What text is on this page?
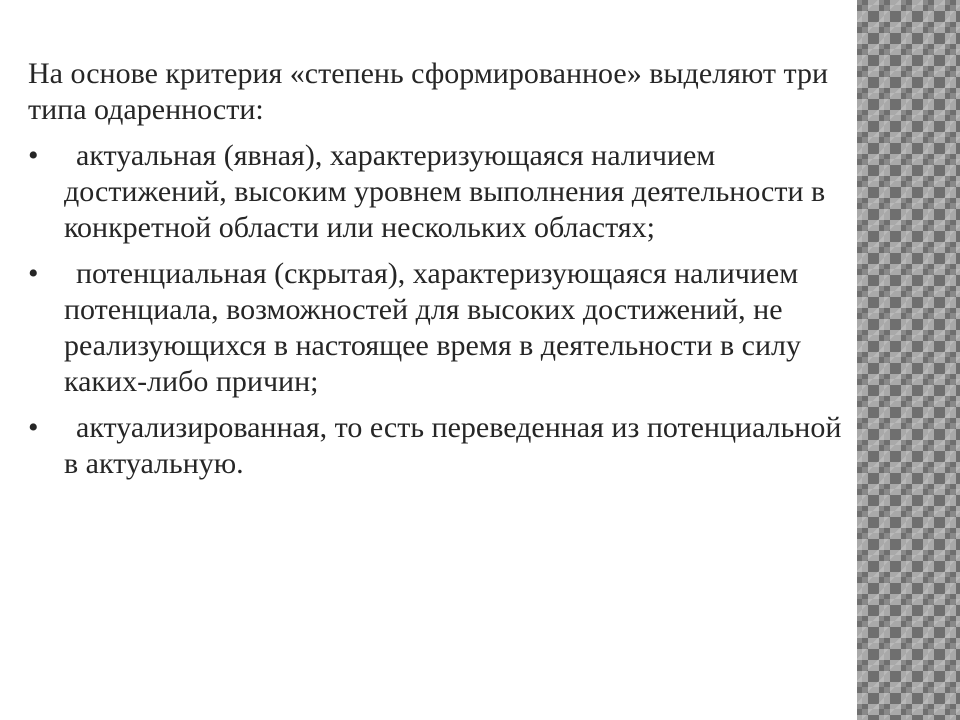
На основе критерия «степень сформированное» выделяют три типа одаренности:

•	актуальная (явная), характеризующаяся наличием достижений, высоким уровнем выполнения деятельности в конкретной области или нескольких областях;
•	потенциальная (скрытая), характеризующаяся наличием потенциала, возможностей для высоких достижений, не реализующихся в настоящее время в деятельности в силу каких-либо причин;
•	актуализированная, то есть переведенная из потенциальной в актуальную.
